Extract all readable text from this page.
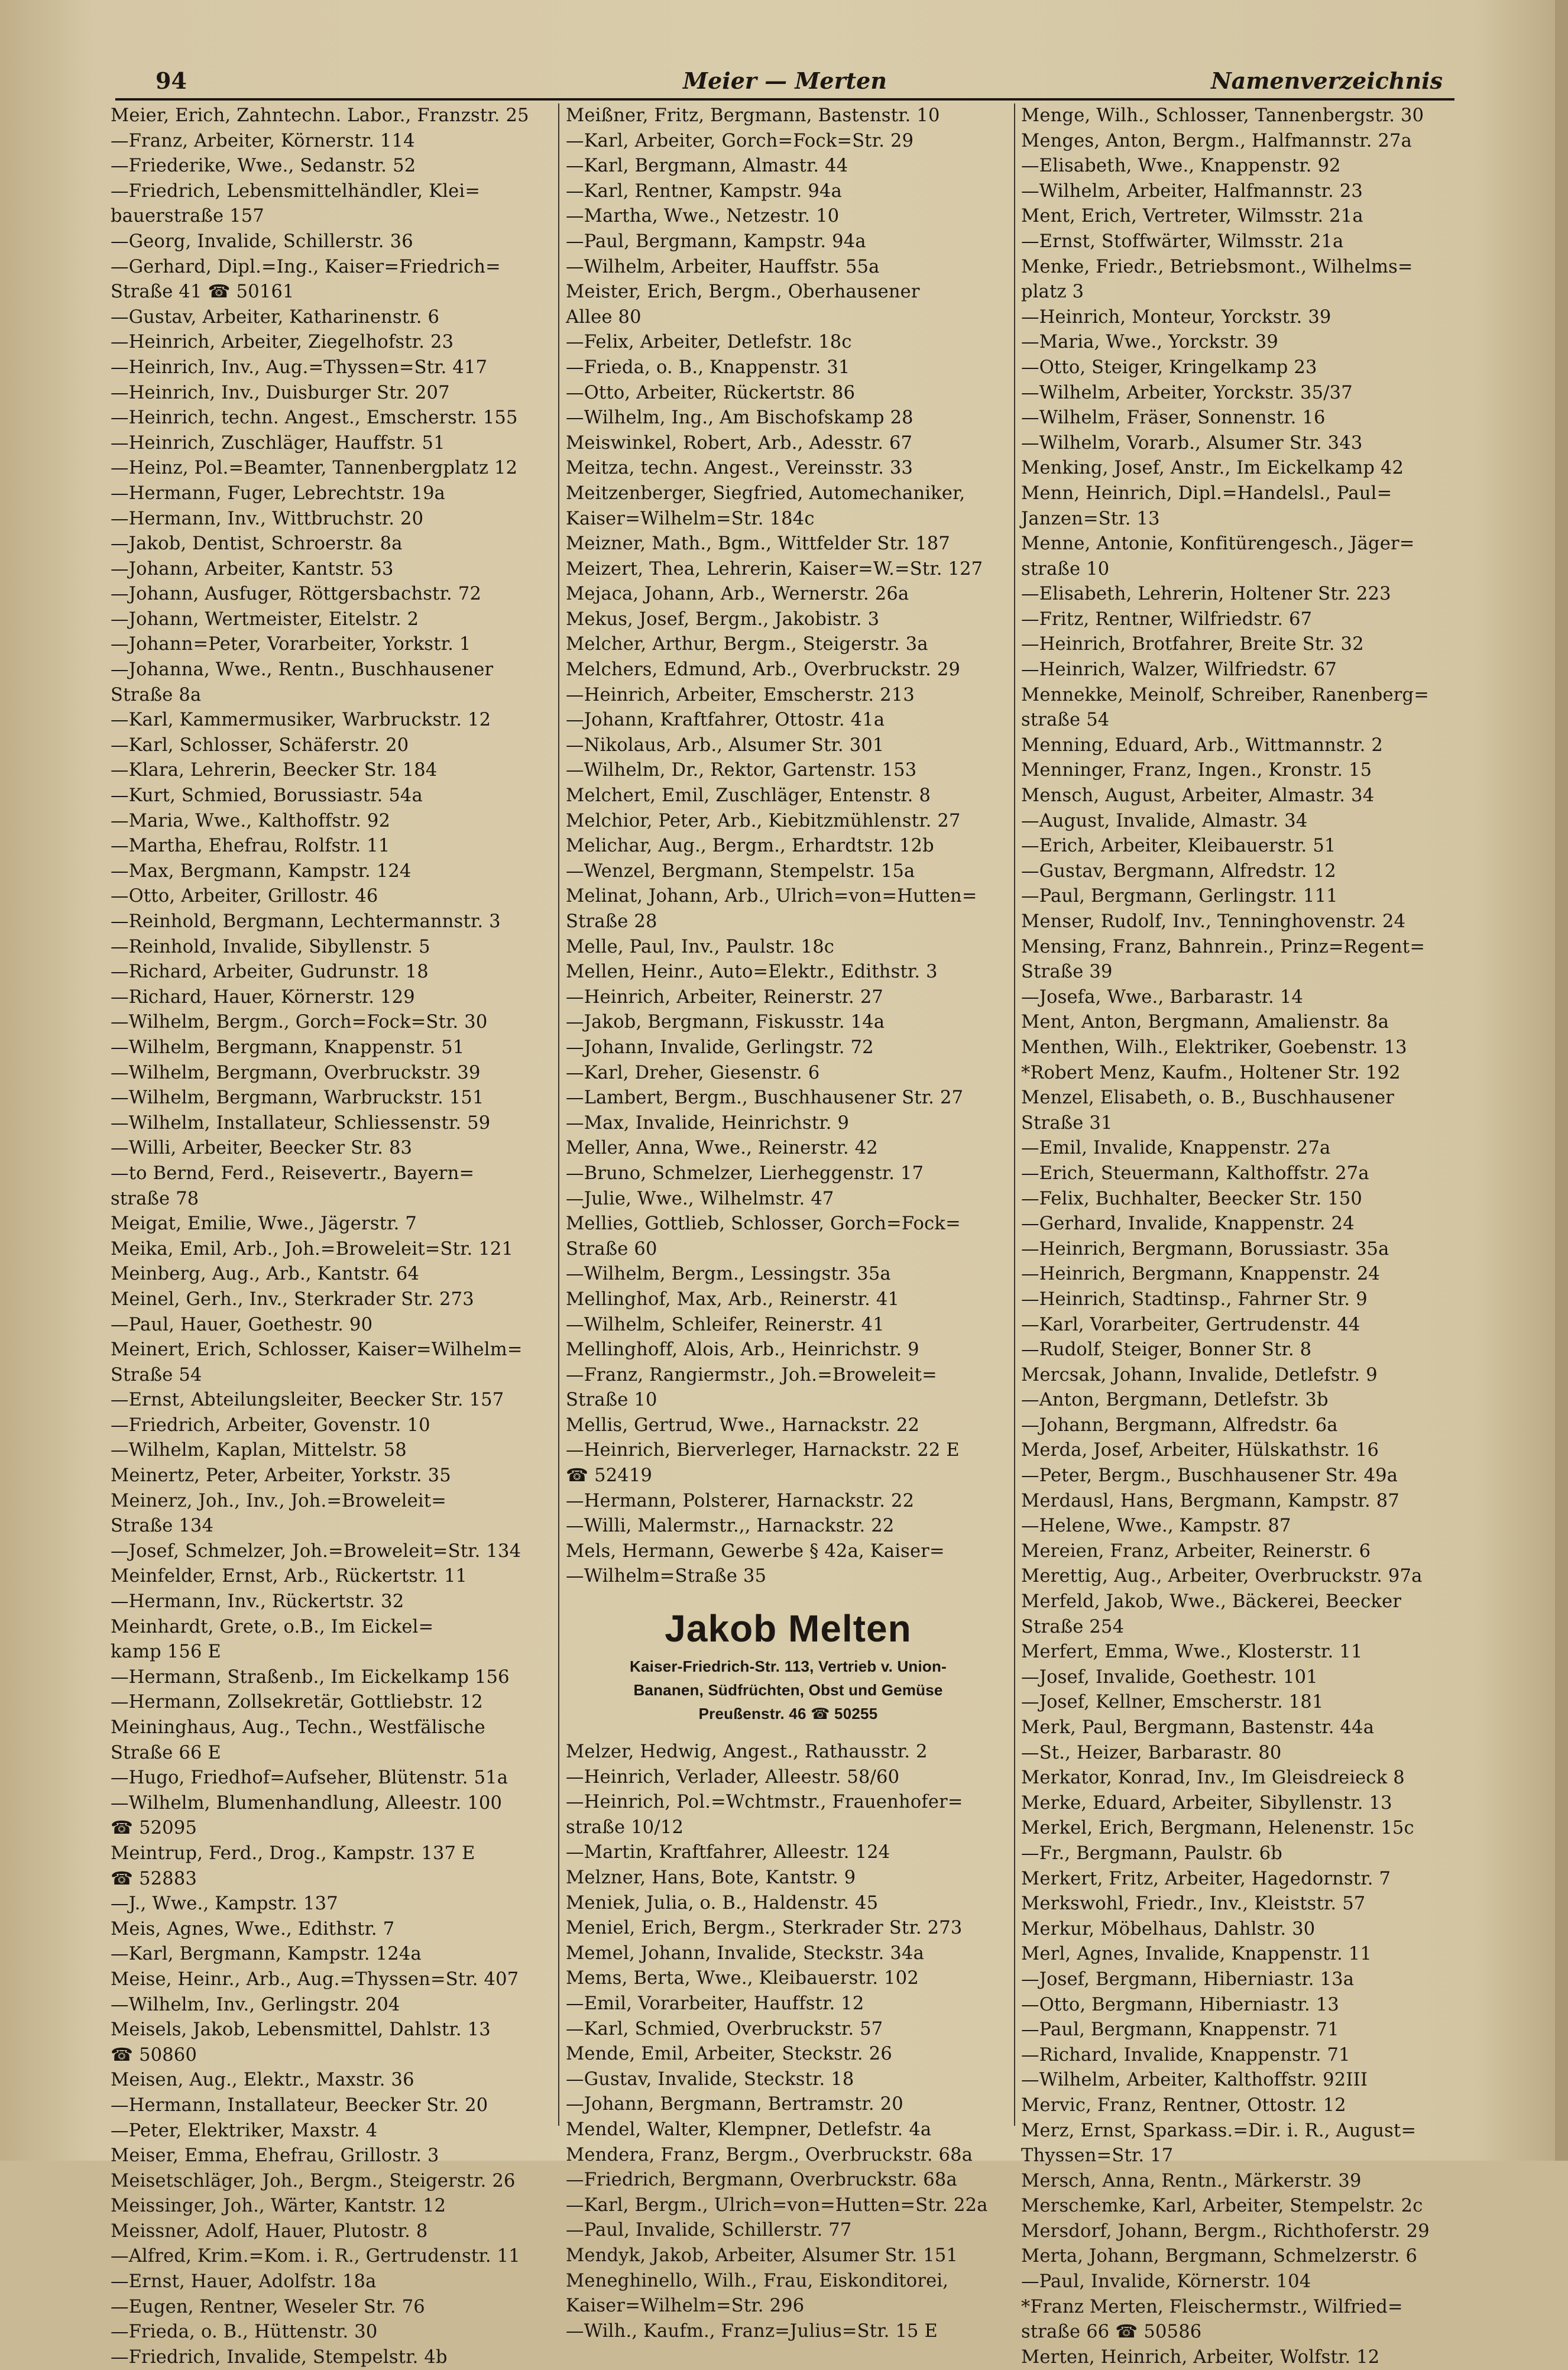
94	Meier — Merten	Namenverzeichnis
Meier, Erich, Zahntechn. Labor., Franzstr. 25
—Franz, Arbeiter, Körnerstr. 114
—Friederike, Wwe., Sedanstr. 52
—Friedrich, Lebensmittelhändler, Klei=
bauerstraße 157
—Georg, Invalide, Schillerstr. 36
—Gerhard, Dipl.=Ing., Kaiser=Friedrich=
Straße 41 ☎ 50161
—Gustav, Arbeiter, Katharinenstr. 6
—Heinrich, Arbeiter, Ziegelhofstr. 23
—Heinrich, Inv., Aug.=Thyssen=Str. 417
—Heinrich, Inv., Duisburger Str. 207
—Heinrich, techn. Angest., Emscherstr. 155
—Heinrich, Zuschläger, Hauffstr. 51
—Heinz, Pol.=Beamter, Tannenbergplatz 12
—Hermann, Fuger, Lebrechtstr. 19a
—Hermann, Inv., Wittbruchstr. 20
—Jakob, Dentist, Schroerstr. 8a
—Johann, Arbeiter, Kantstr. 53
—Johann, Ausfuger, Röttgersbachstr. 72
—Johann, Wertmeister, Eitelstr. 2
—Johann=Peter, Vorarbeiter, Yorkstr. 1
—Johanna, Wwe., Rentn., Buschhausener
Straße 8a
—Karl, Kammermusiker, Warbruckstr. 12
—Karl, Schlosser, Schäferstr. 20
—Klara, Lehrerin, Beecker Str. 184
—Kurt, Schmied, Borussiastr. 54a
—Maria, Wwe., Kalthoffstr. 92
—Martha, Ehefrau, Rolfstr. 11
—Max, Bergmann, Kampstr. 124
—Otto, Arbeiter, Grillostr. 46
—Reinhold, Bergmann, Lechtermannstr. 3
—Reinhold, Invalide, Sibyllenstr. 5
—Richard, Arbeiter, Gudrunstr. 18
—Richard, Hauer, Körnerstr. 129
—Wilhelm, Bergm., Gorch=Fock=Str. 30
—Wilhelm, Bergmann, Knappenstr. 51
—Wilhelm, Bergmann, Overbruckstr. 39
—Wilhelm, Bergmann, Warbruckstr. 151
—Wilhelm, Installateur, Schliessenstr. 59
—Willi, Arbeiter, Beecker Str. 83
—to Bernd, Ferd., Reisevertr., Bayern=
straße 78
Meigat, Emilie, Wwe., Jägerstr. 7
Meika, Emil, Arb., Joh.=Broweleit=Str. 121
Meinberg, Aug., Arb., Kantstr. 64
Meinel, Gerh., Inv., Sterkrader Str. 273
—Paul, Hauer, Goethestr. 90
Meinert, Erich, Schlosser, Kaiser=Wilhelm=
Straße 54
—Ernst, Abteilungsleiter, Beecker Str. 157
—Friedrich, Arbeiter, Govenstr. 10
—Wilhelm, Kaplan, Mittelstr. 58
Meinertz, Peter, Arbeiter, Yorkstr. 35
Meinerz, Joh., Inv., Joh.=Broweleit=
Straße 134
—Josef, Schmelzer, Joh.=Broweleit=Str. 134
Meinfelder, Ernst, Arb., Rückertstr. 11
—Hermann, Inv., Rückertstr. 32
Meinhardt, Grete, o.B., Im Eickel=
kamp 156 E
—Hermann, Straßenb., Im Eickelkamp 156
—Hermann, Zollsekretär, Gottliebstr. 12
Meininghaus, Aug., Techn., Westfälische
Straße 66 E
—Hugo, Friedhof=Aufseher, Blütenstr. 51a
—Wilhelm, Blumenhandlung, Alleestr. 100
☎ 52095
Meintrup, Ferd., Drog., Kampstr. 137 E
☎ 52883
—J., Wwe., Kampstr. 137
Meis, Agnes, Wwe., Edithstr. 7
—Karl, Bergmann, Kampstr. 124a
Meise, Heinr., Arb., Aug.=Thyssen=Str. 407
—Wilhelm, Inv., Gerlingstr. 204
Meisels, Jakob, Lebensmittel, Dahlstr. 13
☎ 50860
Meisen, Aug., Elektr., Maxstr. 36
—Hermann, Installateur, Beecker Str. 20
—Peter, Elektriker, Maxstr. 4
Meiser, Emma, Ehefrau, Grillostr. 3
Meisetschläger, Joh., Bergm., Steigerstr. 26
Meissinger, Joh., Wärter, Kantstr. 12
Meissner, Adolf, Hauer, Plutostr. 8
—Alfred, Krim.=Kom. i. R., Gertrudenstr. 11
—Ernst, Hauer, Adolfstr. 18a
—Eugen, Rentner, Weseler Str. 76
—Frieda, o. B., Hüttenstr. 30
—Friedrich, Invalide, Stempelstr. 4b
Meißner, Fritz, Bergmann, Bastenstr. 10
—Karl, Arbeiter, Gorch=Fock=Str. 29
—Karl, Bergmann, Almastr. 44
—Karl, Rentner, Kampstr. 94a
—Martha, Wwe., Netzestr. 10
—Paul, Bergmann, Kampstr. 94a
—Wilhelm, Arbeiter, Hauffstr. 55a
Meister, Erich, Bergm., Oberhausener
Allee 80
—Felix, Arbeiter, Detlefstr. 18c
—Frieda, o. B., Knappenstr. 31
—Otto, Arbeiter, Rückertstr. 86
—Wilhelm, Ing., Am Bischofskamp 28
Meiswinkel, Robert, Arb., Adesstr. 67
Meitza, techn. Angest., Vereinsstr. 33
Meitzenberger, Siegfried, Automechaniker,
Kaiser=Wilhelm=Str. 184c
Meizner, Math., Bgm., Wittfelder Str. 187
Meizert, Thea, Lehrerin, Kaiser=W.=Str. 127
Mejaca, Johann, Arb., Wernerstr. 26a
Mekus, Josef, Bergm., Jakobistr. 3
Melcher, Arthur, Bergm., Steigerstr. 3a
Melchers, Edmund, Arb., Overbruckstr. 29
—Heinrich, Arbeiter, Emscherstr. 213
—Johann, Kraftfahrer, Ottostr. 41a
—Nikolaus, Arb., Alsumer Str. 301
—Wilhelm, Dr., Rektor, Gartenstr. 153
Melchert, Emil, Zuschläger, Entenstr. 8
Melchior, Peter, Arb., Kiebitzmühlenstr. 27
Melichar, Aug., Bergm., Erhardtstr. 12b
—Wenzel, Bergmann, Stempelstr. 15a
Melinat, Johann, Arb., Ulrich=von=Hutten=
Straße 28
Melle, Paul, Inv., Paulstr. 18c
Mellen, Heinr., Auto=Elektr., Edithstr. 3
—Heinrich, Arbeiter, Reinerstr. 27
—Jakob, Bergmann, Fiskusstr. 14a
—Johann, Invalide, Gerlingstr. 72
—Karl, Dreher, Giesenstr. 6
—Lambert, Bergm., Buschhausener Str. 27
—Max, Invalide, Heinrichstr. 9
Meller, Anna, Wwe., Reinerstr. 42
—Bruno, Schmelzer, Lierheggenstr. 17
—Julie, Wwe., Wilhelmstr. 47
Mellies, Gottlieb, Schlosser, Gorch=Fock=
Straße 60
—Wilhelm, Bergm., Lessingstr. 35a
Mellinghof, Max, Arb., Reinerstr. 41
—Wilhelm, Schleifer, Reinerstr. 41
Mellinghoff, Alois, Arb., Heinrichstr. 9
—Franz, Rangiermstr., Joh.=Broweleit=
Straße 10
Mellis, Gertrud, Wwe., Harnackstr. 22
—Heinrich, Bierverleger, Harnackstr. 22 E
☎ 52419
—Hermann, Polsterer, Harnackstr. 22
—Willi, Malermstr.,, Harnackstr. 22
Mels, Hermann, Gewerbe § 42a, Kaiser=
—Wilhelm=Straße 35
Jakob Melten
Kaiser-Friedrich-Str. 113, Vertrieb v. Union-
Bananen, Südfrüchten, Obst und Gemüse
Preußenstr. 46 ☎ 50255
Melzer, Hedwig, Angest., Rathausstr. 2
—Heinrich, Verlader, Alleestr. 58/60
—Heinrich, Pol.=Wchtmstr., Frauenhofer=
straße 10/12
—Martin, Kraftfahrer, Alleestr. 124
Melzner, Hans, Bote, Kantstr. 9
Meniek, Julia, o. B., Haldenstr. 45
Meniel, Erich, Bergm., Sterkrader Str. 273
Memel, Johann, Invalide, Steckstr. 34a
Mems, Berta, Wwe., Kleibauerstr. 102
—Emil, Vorarbeiter, Hauffstr. 12
—Karl, Schmied, Overbruckstr. 57
Mende, Emil, Arbeiter, Steckstr. 26
—Gustav, Invalide, Steckstr. 18
—Johann, Bergmann, Bertramstr. 20
Mendel, Walter, Klempner, Detlefstr. 4a
Mendera, Franz, Bergm., Overbruckstr. 68a
—Friedrich, Bergmann, Overbruckstr. 68a
—Karl, Bergm., Ulrich=von=Hutten=Str. 22a
—Paul, Invalide, Schillerstr. 77
Mendyk, Jakob, Arbeiter, Alsumer Str. 151
Meneghinello, Wilh., Frau, Eiskonditorei,
Kaiser=Wilhelm=Str. 296
—Wilh., Kaufm., Franz=Julius=Str. 15 E
Menge, Wilh., Schlosser, Tannenbergstr. 30
Menges, Anton, Bergm., Halfmannstr. 27a
—Elisabeth, Wwe., Knappenstr. 92
—Wilhelm, Arbeiter, Halfmannstr. 23
Ment, Erich, Vertreter, Wilmsstr. 21a
—Ernst, Stoffwärter, Wilmsstr. 21a
Menke, Friedr., Betriebsmont., Wilhelms=
platz 3
—Heinrich, Monteur, Yorckstr. 39
—Maria, Wwe., Yorckstr. 39
—Otto, Steiger, Kringelkamp 23
—Wilhelm, Arbeiter, Yorckstr. 35/37
—Wilhelm, Fräser, Sonnenstr. 16
—Wilhelm, Vorarb., Alsumer Str. 343
Menking, Josef, Anstr., Im Eickelkamp 42
Menn, Heinrich, Dipl.=Handelsl., Paul=
Janzen=Str. 13
Menne, Antonie, Konfitürengesch., Jäger=
straße 10
—Elisabeth, Lehrerin, Holtener Str. 223
—Fritz, Rentner, Wilfriedstr. 67
—Heinrich, Brotfahrer, Breite Str. 32
—Heinrich, Walzer, Wilfriedstr. 67
Mennekke, Meinolf, Schreiber, Ranenberg=
straße 54
Menning, Eduard, Arb., Wittmannstr. 2
Menninger, Franz, Ingen., Kronstr. 15
Mensch, August, Arbeiter, Almastr. 34
—August, Invalide, Almastr. 34
—Erich, Arbeiter, Kleibauerstr. 51
—Gustav, Bergmann, Alfredstr. 12
—Paul, Bergmann, Gerlingstr. 111
Menser, Rudolf, Inv., Tenninghovenstr. 24
Mensing, Franz, Bahnrein., Prinz=Regent=
Straße 39
—Josefa, Wwe., Barbarastr. 14
Ment, Anton, Bergmann, Amalienstr. 8a
Menthen, Wilh., Elektriker, Goebenstr. 13
*Robert Menz, Kaufm., Holtener Str. 192
Menzel, Elisabeth, o. B., Buschhausener
Straße 31
—Emil, Invalide, Knappenstr. 27a
—Erich, Steuermann, Kalthoffstr. 27a
—Felix, Buchhalter, Beecker Str. 150
—Gerhard, Invalide, Knappenstr. 24
—Heinrich, Bergmann, Borussiastr. 35a
—Heinrich, Bergmann, Knappenstr. 24
—Heinrich, Stadtinsp., Fahrner Str. 9
—Karl, Vorarbeiter, Gertrudenstr. 44
—Rudolf, Steiger, Bonner Str. 8
Mercsak, Johann, Invalide, Detlefstr. 9
—Anton, Bergmann, Detlefstr. 3b
—Johann, Bergmann, Alfredstr. 6a
Merda, Josef, Arbeiter, Hülskathstr. 16
—Peter, Bergm., Buschhausener Str. 49a
Merdausl, Hans, Bergmann, Kampstr. 87
—Helene, Wwe., Kampstr. 87
Mereien, Franz, Arbeiter, Reinerstr. 6
Merettig, Aug., Arbeiter, Overbruckstr. 97a
Merfeld, Jakob, Wwe., Bäckerei, Beecker
Straße 254
Merfert, Emma, Wwe., Klosterstr. 11
—Josef, Invalide, Goethestr. 101
—Josef, Kellner, Emscherstr. 181
Merk, Paul, Bergmann, Bastenstr. 44a
—St., Heizer, Barbarastr. 80
Merkator, Konrad, Inv., Im Gleisdreieck 8
Merke, Eduard, Arbeiter, Sibyllenstr. 13
Merkel, Erich, Bergmann, Helenenstr. 15c
—Fr., Bergmann, Paulstr. 6b
Merkert, Fritz, Arbeiter, Hagedornstr. 7
Merkswohl, Friedr., Inv., Kleiststr. 57
Merkur, Möbelhaus, Dahlstr. 30
Merl, Agnes, Invalide, Knappenstr. 11
—Josef, Bergmann, Hiberniastr. 13a
—Otto, Bergmann, Hiberniastr. 13
—Paul, Bergmann, Knappenstr. 71
—Richard, Invalide, Knappenstr. 71
—Wilhelm, Arbeiter, Kalthoffstr. 92III
Mervic, Franz, Rentner, Ottostr. 12
Merz, Ernst, Sparkass.=Dir. i. R., August=
Thyssen=Str. 17
Mersch, Anna, Rentn., Märkerstr. 39
Merschemke, Karl, Arbeiter, Stempelstr. 2c
Mersdorf, Johann, Bergm., Richthoferstr. 29
Merta, Johann, Bergmann, Schmelzerstr. 6
—Paul, Invalide, Körnerstr. 104
*Franz Merten, Fleischermstr., Wilfried=
straße 66 ☎ 50586
Merten, Heinrich, Arbeiter, Wolfstr. 12
